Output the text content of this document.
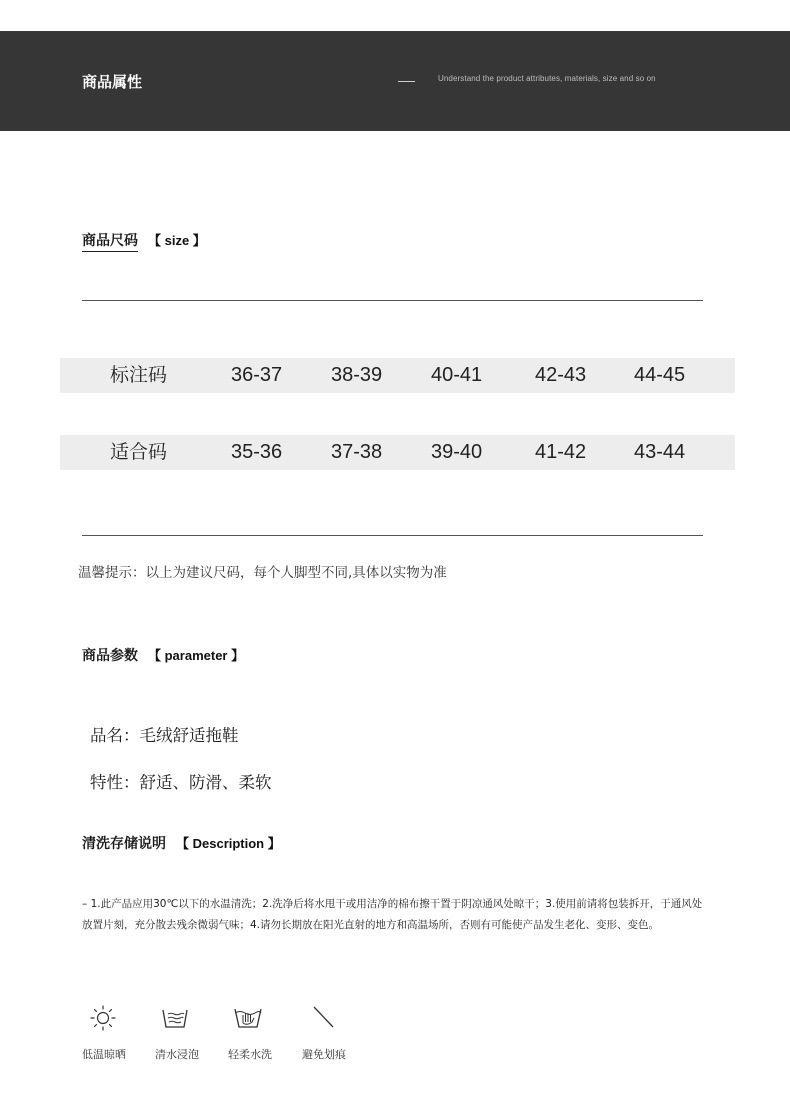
商品属性	Understand the product attributes, materials, size and so on
商品尺码 【 size 】
标注码	36-37 38-39 40-41	42-43 44-45
适合码	35-36 37-38 39-40	41-42 43-44
温馨提示：以上为建议尺码，每个人脚型不同,具体以实物为准
商品参数 【 parameter 】
品名：毛绒舒适拖鞋
特性：舒适、防滑、柔软
清洗存储说明 【 Description 】
– 1.此产品应用30℃以下的水温清洗；2.洗净后将水甩干或用洁净的棉布擦干置于阴凉通风处晾干；3.使用前请将包装拆开，于通风处放置片刻，充分散去残余微弱气味；4.请勿长期放在阳光直射的地方和高温场所，否则有可能使产品发生老化、变形、变色。
低温晾晒	清水浸泡	轻柔水洗	避免划痕
